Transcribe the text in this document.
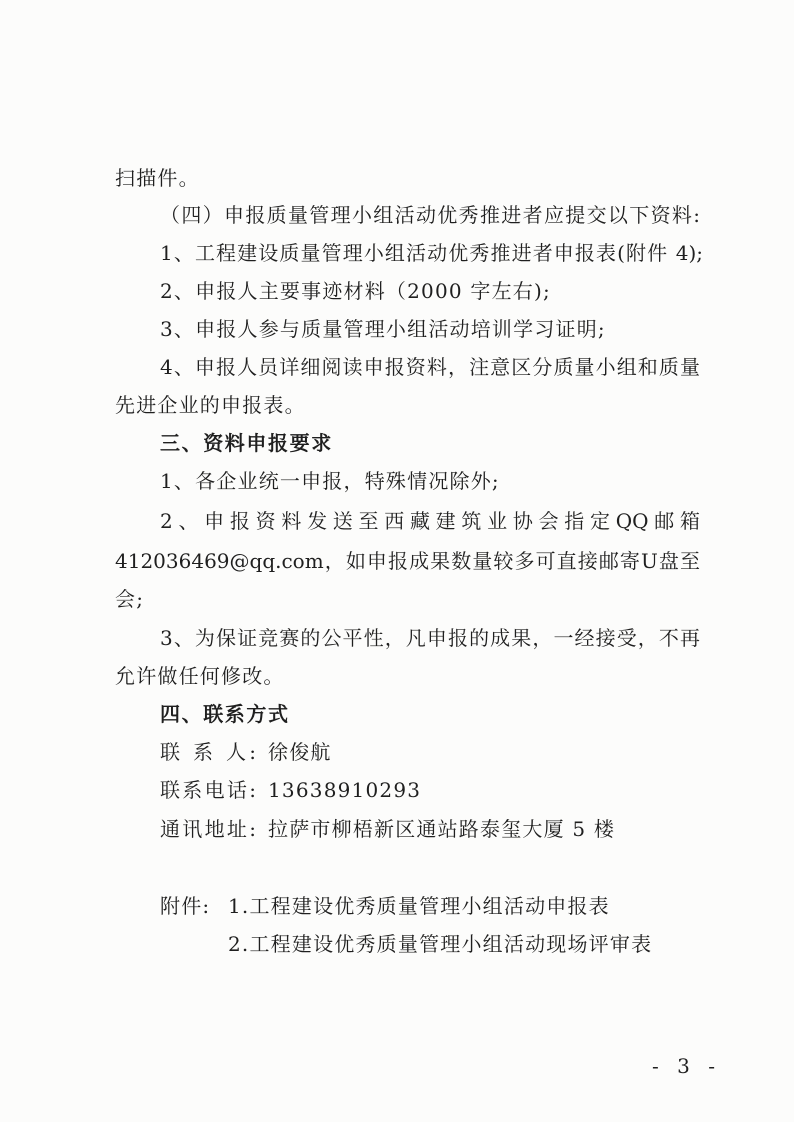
扫描件。
（四）申报质量管理小组活动优秀推进者应提交以下资料:
1、工程建设质量管理小组活动优秀推进者申报表(附件 4);
2、申报人主要事迹材料（2000 字左右);
3、申报人参与质量管理小组活动培训学习证明;
4、申报人员详细阅读申报资料，注意区分质量小组和质量
先进企业的申报表。
三、资料申报要求
1、各企业统一申报，特殊情况除外;
2、申报资料发送至西藏建筑业协会指定QQ邮箱
412036469@qq.com，如申报成果数量较多可直接邮寄U盘至
会;
3、为保证竞赛的公平性，凡申报的成果，一经接受，不再
允许做任何修改。
四、联系方式
联 系 人: 徐俊航
联系电话: 13638910293
通讯地址: 拉萨市柳梧新区通站路泰玺大厦 5 楼
附件: 1.工程建设优秀质量管理小组活动申报表
2.工程建设优秀质量管理小组活动现场评审表
- 3 -
